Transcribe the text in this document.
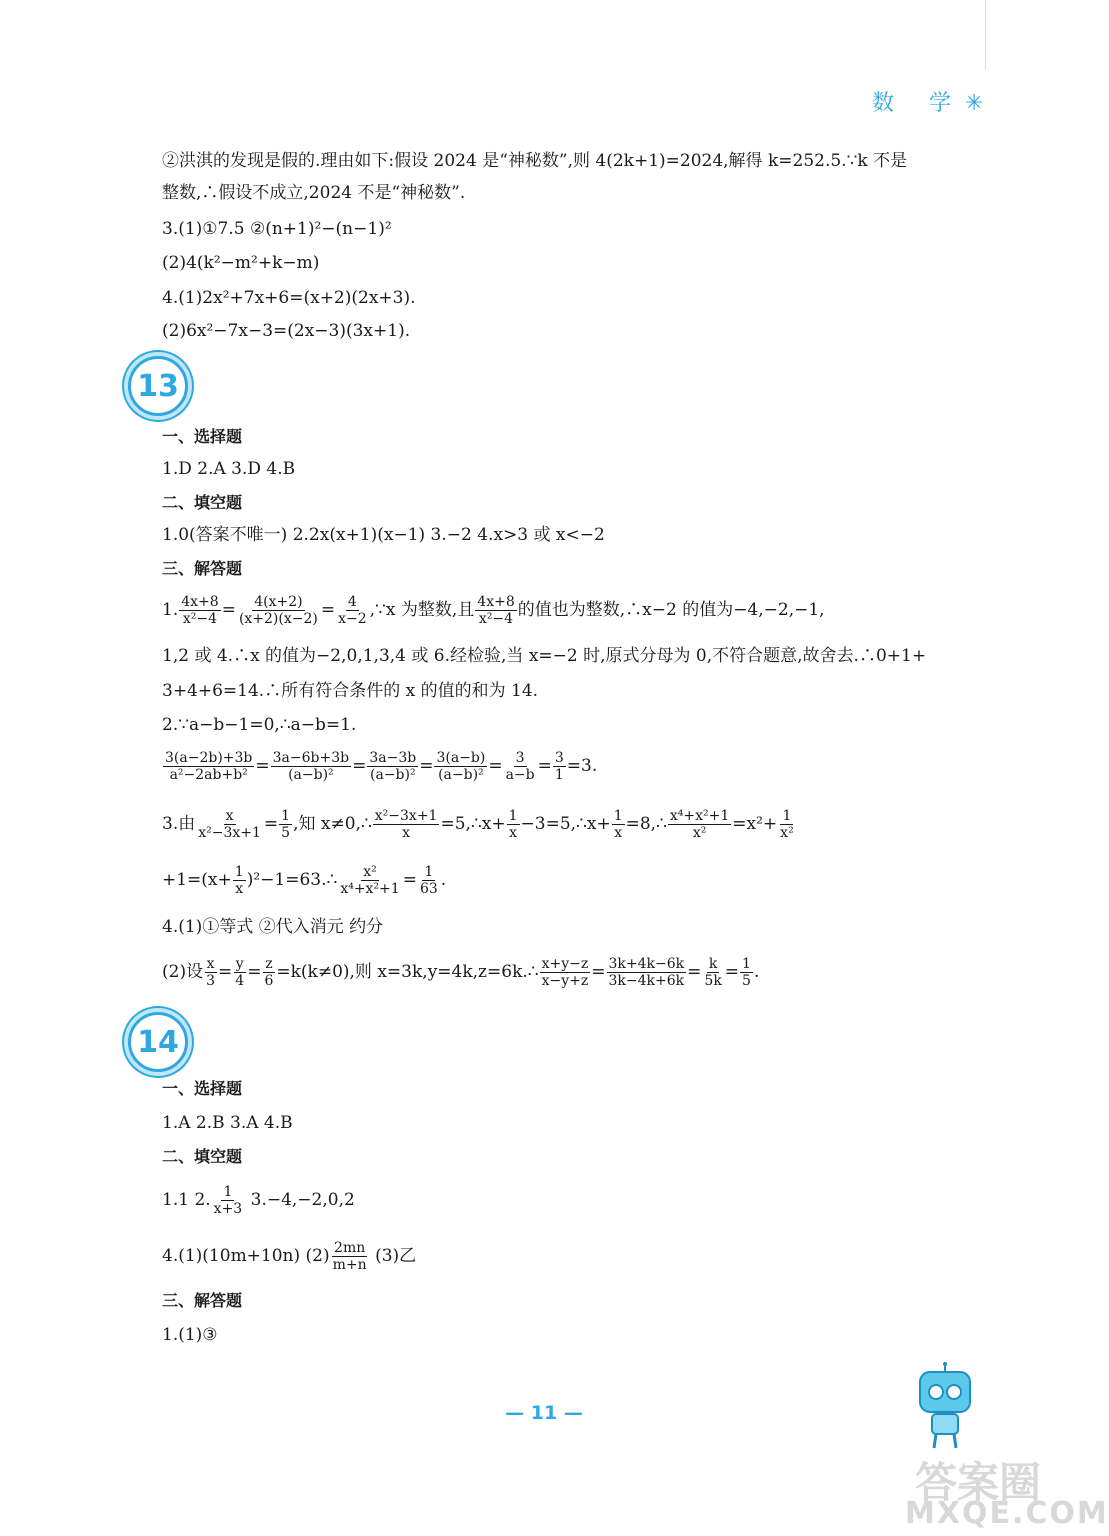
数 学✳
②洪淇的发现是假的.理由如下:假设 2024 是“神秘数”,则 4(2k+1)=2024,解得 k=252.5.∵k 不是
整数,∴假设不成立,2024 不是“神秘数”.
3.(1)①7.5 ②(n+1)²−(n−1)²
(2)4(k²−m²+k−m)
4.(1)2x²+7x+6=(x+2)(2x+3).
(2)6x²−7x−3=(2x−3)(3x+1).
13
一、选择题
1.D 2.A 3.D 4.B
二、填空题
1.0(答案不唯一) 2.2x(x+1)(x−1) 3.−2 4.x>3 或 x<−2
三、解答题
1. $\frac{4x+8}{\text{x²−4}} = \frac{4(x+2)}{(x+2)(x-2)} = \frac{4}{x-2}$ ,∵x 为整数,且 $\frac{4x+8}{\text{x²−4}}$ 的值也为整数,∴x−2 的值为−4,−2,−1,
1,2 或 4.∴x 的值为−2,0,1,3,4 或 6.经检验,当 x=−2 时,原式分母为 0,不符合题意,故舍去.∴0+1+
3+4+6=14.∴所有符合条件的 x 的值的和为 14.
2.∵a−b−1=0,∴a−b=1.
$\frac{3(a-2b)+3b}{\text{a²−2ab+b²}} = \frac{3a-6b+3b}{\text{(a−b)²}} = \frac{3a-3b}{\text{(a−b)²}} = \frac{3(a-b)}{\text{(a−b)²}} = \frac{3}{a-b} = \frac{3}{1} =3$.
3.由 $\frac{x}{\text{x²−3x+1}} = \frac{1}{5}$ ,知 x≠0,∴ $\frac{\text{x²−3x+1}}{x}$ =5,∴x+ $\frac{1}{x}$ −3=5,∴x+ $\frac{1}{x}$ =8,∴ $\frac{\text{x⁴+x²+1}}{\text{x²}} =x^2+ \frac{1}{\text{x²}}$
$+1=(x+ \frac{1}{x}$ )²−1=63.∴ $\frac{\text{x²}}{\text{x⁴+x²+1}} = \frac{1}{63}$ .
4.(1)①等式 ②代入消元 约分
(2)设 $\frac{x}{3} = \frac{y}{4} = \frac{z}{6} =k(k\ne 0)$,则 x=3k,y=4k,z=6k.∴ $\frac{x+y-z}{x-y+z} = \frac{3k+4k-6k}{3k-4k+6k} = \frac{k}{5k} = \frac{1}{5}$ .
14
一、选择题
1.A 2.B 3.A 4.B
二、填空题
1.1 2. $\frac{1}{x+3} 3.-4,-2,0,2$
4.(1)(10m+10n) $(2) \frac{2mn}{m+n} (3)$乙
三、解答题
1.(1)③
— 11 —
答案圈
MXQE.COM
